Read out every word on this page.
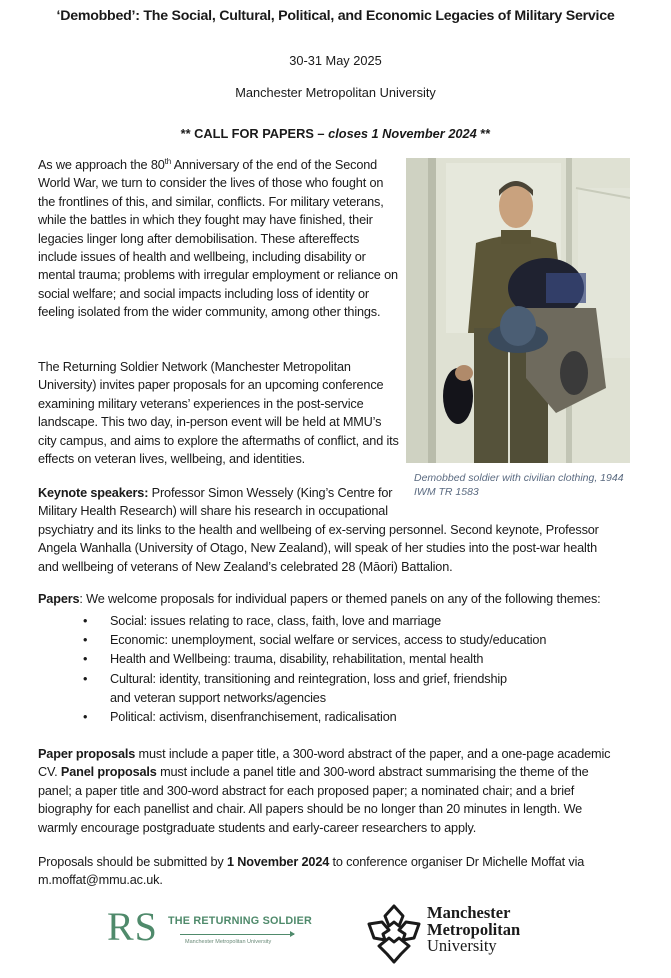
‘Demobbed’: The Social, Cultural, Political, and Economic Legacies of Military Service
30-31 May 2025
Manchester Metropolitan University
** CALL FOR PAPERS – closes 1 November 2024 **
As we approach the 80th Anniversary of the end of the Second World War, we turn to consider the lives of those who fought on the frontlines of this, and similar, conflicts. For military veterans, while the battles in which they fought may have finished, their legacies linger long after demobilisation. These aftereffects include issues of health and wellbeing, including disability or mental trauma; problems with irregular employment or reliance on social welfare; and social impacts including loss of identity or feeling isolated from the wider community, among other things.
The Returning Soldier Network (Manchester Metropolitan University) invites paper proposals for an upcoming conference examining military veterans’ experiences in the post-service landscape. This two day, in-person event will be held at MMU’s city campus, and aims to explore the aftermaths of conflict, and its effects on veteran lives, wellbeing, and identities.
Demobbed soldier with civilian clothing, 1944
IWM TR 1583
Keynote speakers: Professor Simon Wessely (King’s Centre for
Military Health Research) will share his research in occupational
psychiatry and its links to the health and wellbeing of ex-serving personnel. Second keynote, Professor
Angela Wanhalla (University of Otago, New Zealand), will speak of her studies into the post-war health
and wellbeing of veterans of New Zealand’s celebrated 28 (Māori) Battalion.
Papers: We welcome proposals for individual papers or themed panels on any of the following themes:
• Social: issues relating to race, class, faith, love and marriage
• Economic: unemployment, social welfare or services, access to study/education
• Health and Wellbeing: trauma, disability, rehabilitation, mental health
• Cultural: identity, transitioning and reintegration, loss and grief, friendship and veteran support networks/agencies
• Political: activism, disenfranchisement, radicalisation
Paper proposals must include a paper title, a 300-word abstract of the paper, and a one-page academic
CV. Panel proposals must include a panel title and 300-word abstract summarising the theme of the
panel; a paper title and 300-word abstract for each proposed paper; a nominated chair; and a brief
biography for each panellist and chair. All papers should be no longer than 20 minutes in length. We
warmly encourage postgraduate students and early-career researchers to apply.
Proposals should be submitted by 1 November 2024 to conference organiser Dr Michelle Moffat via
m.moffat@mmu.ac.uk.
RS THE RETURNING SOLDIER
Manchester Metropolitan University
Manchester
Metropolitan
University
